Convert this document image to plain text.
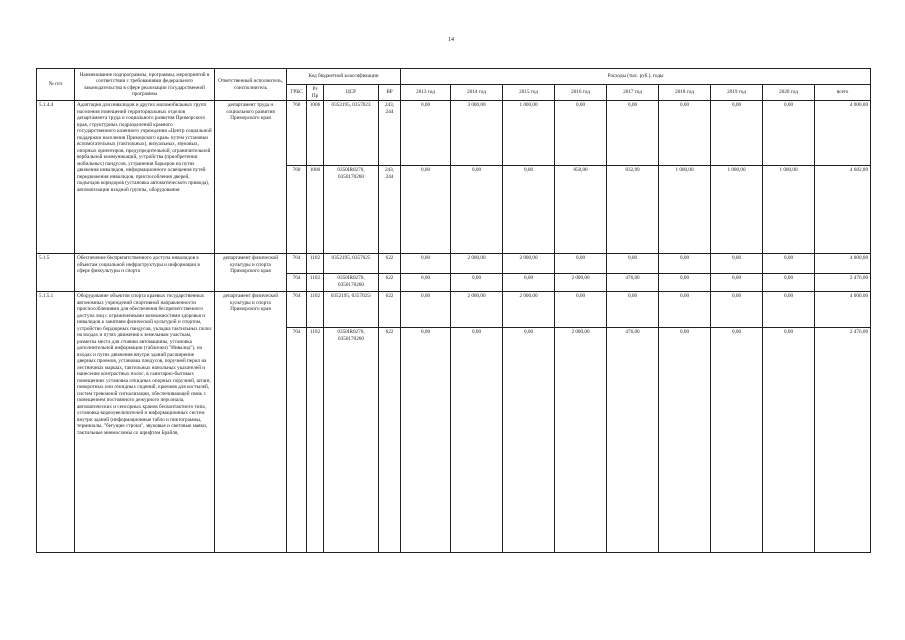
14
№ п/п	Наименование подпрограммы, программы, мероприятий в соответствии с требованиями федерального законодательства в сфере реализации государственной программы	Ответственный исполнитель, соисполнитель	Код бюджетной классификации				Расходы (тыс. руб.), годы								
			ГРБС	Рз Пр	ЦСР	ВР	2013 год	2014 год	2015 год	2016 год	2017 год	2018 год	2019 год	2020 год	всего
5.1.4.4	Адаптация для инвалидов и других маломобильных групп населения помещений территориальных отделов департамента труда и социального развития Приморского края, структурных подразделений краевого государственного казенного учреждения «Центр социальной поддержки населения Приморского края» путем установки вспомогательных (тактильных), визуальных, звуковых, опорных ориентиров, предупредительной, ограничительной вербальной коммуникаций, устройства (приобретения мобильных) пандусов, устранения барьеров на путях движения инвалидов, информационного освещения путей передвижения инвалидов, приспособления дверей, подъездов коридоров (установка автоматического привода), автоматизации входной группы, оборудования	департамент труда и социального развития Приморского края	760	1006	0352195, 0357023	243, 244	0,00	3 000,00	1 000,00	0,00	0,00	0,00	0,00	0,00	4 000,00
			760	1006	0350IR0270, 0350170260	243, 244	0,00	0,00	0,00	850,00	832,89	1 000,00	1 000,00	1 000,00	4 682,89
5.1.5	Обеспечение беспрепятственного доступа инвалидов к объектам социальной инфраструктуры и информации в сфере физкультуры и спорта	департамент физической культуры и спорта Приморского края	764	1102	0352195, 0357025	622	0,00	2 000,00	2 000,00	0,00	0,00	0,00	0,00	0,00	4 000,00
			764	1102	0350IR0270, 0350170260	622	0,00	0,00	0,00	2 000,00	476,00	0,00	0,00	0,00	2 476,00
5.1.5.1	Оборудование объектов спорта краевых государственных автономных учреждений спортивной направленности приспособлениями для обеспечения беспрепятственного доступа лиц с ограниченными возможностями здоровья и инвалидов к занятиям физической культурой и спортом, устройство бордюрных пандусов, укладка тактильных полос на входах и путях движения к земельным участкам, разметка места для стоянки автомашины, установка дополнительной информации (таблички) "Инвалид"), на входах и путях движения внутри зданий расширение дверных проемов, установка пандусов, поручней перил на лестничных маршах, тактильных напольных указателей и нанесение контрастных полос, в санитарно-бытовых помещениях установка откидных опорных поручней, штанг, поворотных или откидных сидений, крючков для костылей, систем тревожной сигнализации, обеспечивающей связь с помещением постоянного дежурного персонала, автоматических и сенсорных кранов бесконтактного типа, установка видеоувеличителей и информационных систем внутри зданий (информационные табло и пиктограммы, терминалы, "бегущие строки", звуковые и световые маяки, тактильные мнемосхемы со шрифтом Брайля,	департамент физической культуры и спорта Приморского края	764	1102	0352195, 0357025/	622	0,00	2 000,00	2 000,00	0,00	0,00	0,00	0,00	0,00	4 000,00
			764	1102	0350IR0270, 0350170260	622	0,00	0,00	0,00	2 000,00	476,00	0,00	0,00	0,00	2 476,00
